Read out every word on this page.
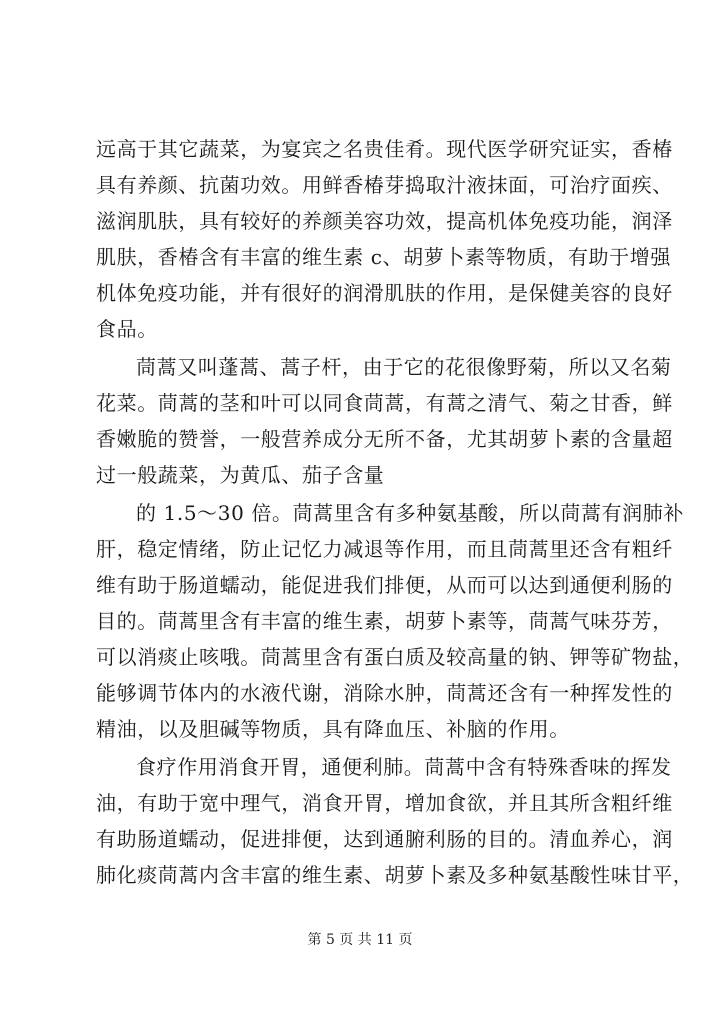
远高于其它蔬菜，为宴宾之名贵佳肴。现代医学研究证实，香椿
具有养颜、抗菌功效。用鲜香椿芽捣取汁液抹面，可治疗面疾、
滋润肌肤，具有较好的养颜美容功效，提高机体免疫功能，润泽
肌肤，香椿含有丰富的维生素 c、胡萝卜素等物质，有助于增强
机体免疫功能，并有很好的润滑肌肤的作用，是保健美容的良好
食品。
茼蒿又叫蓬蒿、蒿子杆，由于它的花很像野菊，所以又名菊
花菜。茼蒿的茎和叶可以同食茼蒿，有蒿之清气、菊之甘香，鲜
香嫩脆的赞誉，一般营养成分无所不备，尤其胡萝卜素的含量超
过一般蔬菜，为黄瓜、茄子含量
的 1.5～30 倍。茼蒿里含有多种氨基酸，所以茼蒿有润肺补
肝，稳定情绪，防止记忆力减退等作用，而且茼蒿里还含有粗纤
维有助于肠道蠕动，能促进我们排便，从而可以达到通便利肠的
目的。茼蒿里含有丰富的维生素，胡萝卜素等，茼蒿气味芬芳，
可以消痰止咳哦。茼蒿里含有蛋白质及较高量的钠、钾等矿物盐，
能够调节体内的水液代谢，消除水肿，茼蒿还含有一种挥发性的
精油，以及胆碱等物质，具有降血压、补脑的作用。
食疗作用消食开胃，通便利肺。茼蒿中含有特殊香味的挥发
油，有助于宽中理气，消食开胃，增加食欲，并且其所含粗纤维
有助肠道蠕动，促进排便，达到通腑利肠的目的。清血养心，润
肺化痰茼蒿内含丰富的维生素、胡萝卜素及多种氨基酸性味甘平，
第 5 页 共 11 页
